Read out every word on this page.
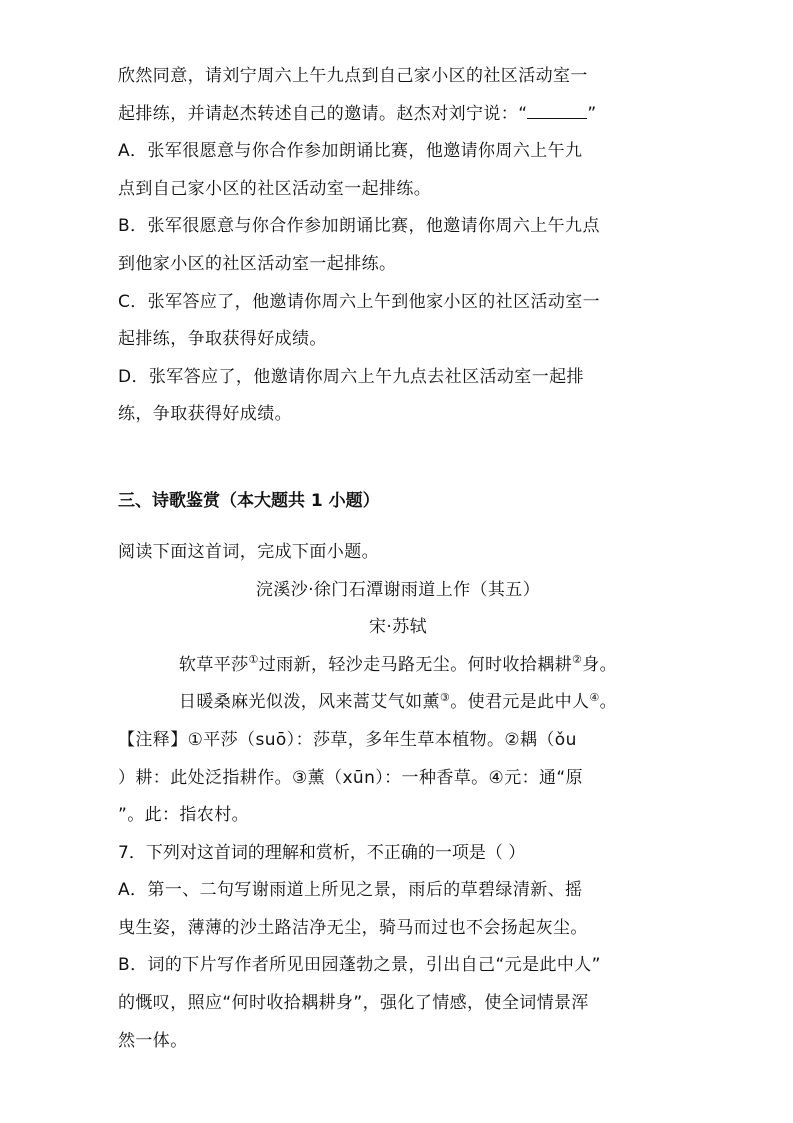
欣然同意，请刘宁周六上午九点到自己家小区的社区活动室一
起排练，并请赵杰转述自己的邀请。赵杰对刘宁说：“	”
A．张军很愿意与你合作参加朗诵比赛，他邀请你周六上午九
点到自己家小区的社区活动室一起排练。
B．张军很愿意与你合作参加朗诵比赛，他邀请你周六上午九点
到他家小区的社区活动室一起排练。
C．张军答应了，他邀请你周六上午到他家小区的社区活动室一
起排练，争取获得好成绩。
D．张军答应了，他邀请你周六上午九点去社区活动室一起排
练，争取获得好成绩。
三、诗歌鉴赏（本大题共 1 小题）
阅读下面这首词，完成下面小题。
浣溪沙·徐门石潭谢雨道上作（其五）
宋·苏轼
软草平莎①过雨新，轻沙走马路无尘。何时收拾耦耕②身。
日暖桑麻光似泼，风来蒿艾气如薰③。使君元是此中人④。
【注释】①平莎（suō）：莎草，多年生草本植物。②耦（ǒu
）耕：此处泛指耕作。③薰（xūn）：一种香草。④元：通“原
”。此：指农村。
7．下列对这首词的理解和赏析，不正确的一项是（ ）
A．第一、二句写谢雨道上所见之景，雨后的草碧绿清新、摇
曳生姿，薄薄的沙土路洁净无尘，骑马而过也不会扬起灰尘。
B．词的下片写作者所见田园蓬勃之景，引出自己“元是此中人”
的慨叹，照应“何时收拾耦耕身”，强化了情感，使全词情景浑
然一体。
